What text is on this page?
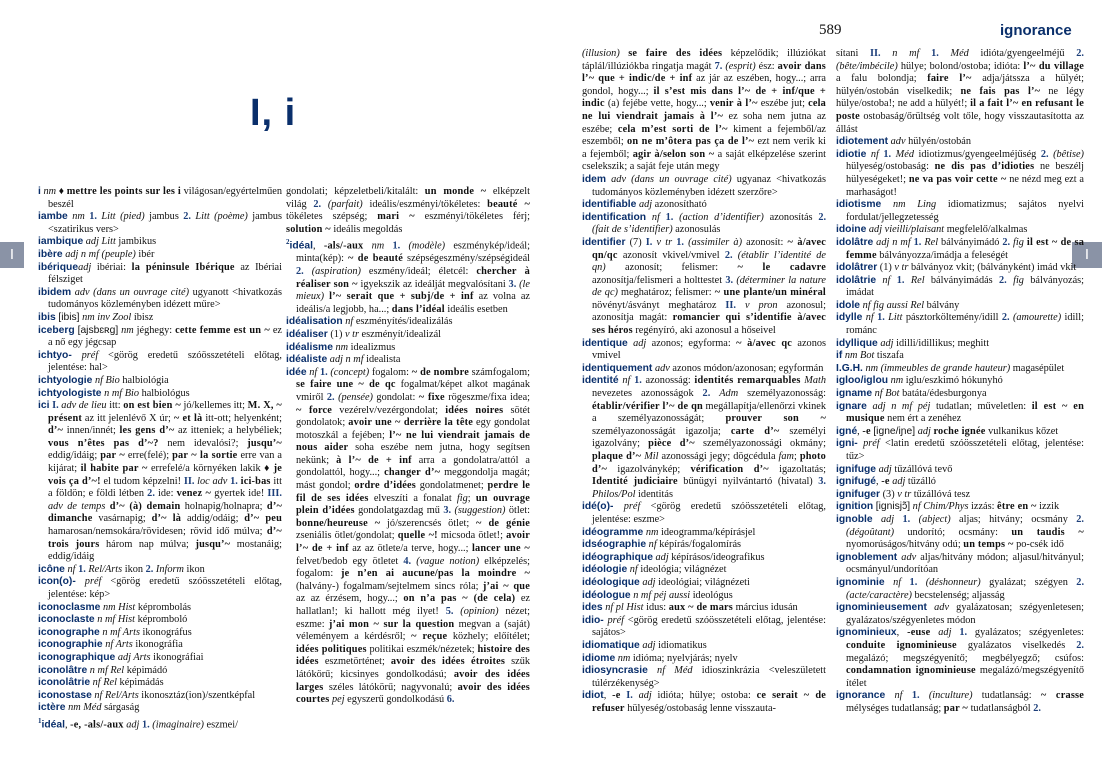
I, i
589	ignorance
I	I

i nm ♦ mettre les points sur les i világosan/egyértelműen beszél

iambe nm 1. Litt (pied) jambus 2. Litt (poème) jambus <szatirikus vers>

iambique adj Litt jambikus

ibère adj n mf (peuple) ibér

ibériqueadj ibériai: la péninsule Ibérique az Ibériai félsziget

ibidem adv (dans un ouvrage cité) ugyanott <hivatkozás tudományos közleményben idézett műre>

ibis [ibis] nm inv Zool íbisz

iceberg [ajsbɛʀg] nm jéghegy: cette femme est un ~ ez a nő egy jégcsap

ichtyo- préf <görög eredetű szóösszetételi előtag, jelentése: hal>

ichtyologie nf Bio halbiológia

ichtyologiste n mf Bio halbiológus

ici I. adv de lieu itt: on est bien ~ jó/kellemes itt; M. X, ~ présent az itt jelenlévő X úr; ~ et là itt-ott; helyenként; d’~ innen/innét; les gens d’~ az itteniek; a helybéliek; vous n’êtes pas d’~? nem idevalósi?; jusqu’~ eddig/idáig; par ~ erre(felé); par ~ la sortie erre van a kijárat; il habite par ~ errefelé/a környéken lakik ♦ je vois ça d’~! el tudom képzelni! II. loc adv 1. ici-bas itt a földön; e földi létben 2. ide: venez ~ gyertek ide! III. adv de temps d’~ (à) demain holnapig/holnapra; d’~ dimanche vasárnapig; d’~ là addig/odáig; d’~ peu hamarosan/nemsokára/rövidesen; rövid idő múlva; d’~ trois jours három nap múlva; jusqu’~ mostanáig; eddig/idáig

icône nf 1. Rel/Arts ikon 2. Inform ikon

icon(o)- préf <görög eredetű szóösszetételi előtag, jelentése: kép>

iconoclasme nm Hist képrombolás

iconoclaste n mf Hist képromboló

iconographe n mf Arts ikonográfus

iconographie nf Arts ikonográfia

iconographique adj Arts ikonográfiai

iconolâtre n mf Rel képimádó

iconolâtrie nf Rel képimádás

iconostase nf Rel/Arts ikonosztáz(ion)/szentképfal

ictère nm Méd sárgaság

$^1$idéal, -e, -als/-aux adj 1. (imaginaire) eszmei/

gondolati; képzeletbeli/kitalált: un monde ~ elképzelt világ 2. (parfait) ideális/eszményi/tökéletes: beauté ~ tökéletes szépség; mari ~ eszményi/tökéletes férj; solution ~ ideális megoldás

$^2$idéal, -als/-aux nm 1. (modèle) eszménykép/ideál; minta(kép): ~ de beauté szépségeszmény/szépségideál 2. (aspiration) eszmény/ideál; életcél: chercher à réaliser son ~ igyekszik az ideálját megvalósítani 3. (le mieux) l’~ serait que + subj/de + inf az volna az ideális/a legjobb, ha...; dans l’idéal ideális esetben

idéalisation nf eszményítés/idealizálás

idéaliser (1) v tr eszményít/idealizál

idéalisme nm idealizmus

idéaliste adj n mf idealista

idée nf 1. (concept) fogalom: ~ de nombre számfogalom; se faire une ~ de qc fogalmat/képet alkot magának vmiről 2. (pensée) gondolat: ~ fixe rögeszme/fixa idea; ~ force vezérelv/vezérgondolat; idées noires sötét gondolatok; avoir une ~ derrière la tête egy gondolat motoszkál a fejében; l’~ ne lui viendrait jamais de nous aider soha eszébe nem jutna, hogy segítsen nekünk; à l’~ de + inf arra a gondolatra/attól a gondolattól, hogy...; changer d’~ meggondolja magát; mást gondol; ordre d’idées gondolatmenet; perdre le fil de ses idées elveszíti a fonalat fig; un ouvrage plein d’idées gondolatgazdag mű 3. (suggestion) ötlet: bonne/heureuse ~ jó/szerencsés ötlet; ~ de génie zseniális ötlet/gondolat; quelle ~! micsoda ötlet!; avoir l’~ de + inf az az ötlete/a terve, hogy...; lancer une ~ felvet/bedob egy ötletet 4. (vague notion) elképzelés; fogalom: je n’en ai aucune/pas la moindre ~ (halvány-) fogalmam/sejtelmem sincs róla; j’ai ~ que az az érzésem, hogy...; on n’a pas ~ (de cela) ez hallatlan!; ki hallott még ilyet! 5. (opinion) nézet; eszme: j’ai mon ~ sur la question megvan a (saját) véleményem a kérdésről; ~ reçue közhely; előítélet; idées politiques politikai eszmék/nézetek; histoire des idées eszmetörténet; avoir des idées étroites szűk látókörű; kicsinyes gondolkodású; avoir des idées larges széles látókörű; nagyvonalú; avoir des idées courtes pej egyszerű gondolkodású 6.

(illusion) se faire des idées képzelődik; illúziókat táplál/illúziókba ringatja magát 7. (esprit) ész: avoir dans l’~ que + indic/de + inf az jár az eszében, hogy...; arra gondol, hogy...; il s’est mis dans l’~ de + inf/que + indic (a) fejébe vette, hogy...; venir à l’~ eszébe jut; cela ne lui viendrait jamais à l’~ ez soha nem jutna az eszébe; cela m’est sorti de l’~ kiment a fejemből/az eszemből; on ne m’ôtera pas ça de l’~ ezt nem verik ki a fejemből; agir à/selon son ~ a saját elképzelése szerint cselekszik; a saját feje után megy

idem adv (dans un ouvrage cité) ugyanaz <hivatkozás tudományos közleményben idézett szerzőre>

identifiable adj azonosítható

identification nf 1. (action d’identifier) azonosítás 2. (fait de s’identifier) azonosulás

identifier (7) I. v tr 1. (assimiler à) azonosít: ~ à/avec qn/qc azonosít vkivel/vmivel 2. (établir l’identité de qn) azonosít; felismer: ~ le cadavre azonosítja/felismeri a holttestet 3. (déterminer la nature de qc) meghatároz; felismer: ~ une plante/un minéral növényt/ásványt meghatároz II. v pron azonosul; azonosítja magát: romancier qui s’identifie à/avec ses héros regényíró, aki azonosul a hőseivel

identique adj azonos; egyforma: ~ à/avec qc azonos vmivel

identiquement adv azonos módon/azonosan; egyformán

identité nf 1. azonosság: identités remarquables Math nevezetes azonosságok 2. Adm személyazonosság: établir/vérifier l’~ de qn megállapítja/ellenőrzi vkinek a személyazonosságát; prouver son ~ személyazonosságát igazolja; carte d’~ személyi igazolvány; pièce d’~ személyazonossági okmány; plaque d’~ Mil azonossági jegy; dögcédula fam; photo d’~ igazolványkép; vérification d’~ igazoltatás; Identité judiciaire bűnügyi nyilvántartó (hivatal) 3. Philos/Pol identitás

idé(o)- préf <görög eredetű szóösszetételi előtag, jelentése: eszme>

idéogramme nm ideogramma/képírásjel

idséographie nf képírás/fogalomírás

idéographique adj képírásos/ideografikus

idéologie nf ideológia; világnézet

idéologique adj ideológiai; világnézeti

idéologue n mf péj aussi ideológus

ides nf pl Hist idus: aux ~ de mars március idusán

idio- préf <görög eredetű szóösszetételi előtag, jelentése: sajátos>

idiomatique adj idiomatikus

idiome nm idióma; nyelvjárás; nyelv

idiosyncrasie nf Méd idioszinkrázia <veleszületett túlérzékenység>

idiot, -e I. adj idióta; hülye; ostoba: ce serait ~ de refuser hülyeség/ostobaság lenne visszauta-

sítani II. n mf 1. Méd idióta/gyengeelméjű 2. (bête/imbécile) hülye; bolond/ostoba; idióta: l’~ du village a falu bolondja; faire l’~ adja/játssza a hülyét; hülyén/ostobán viselkedik; ne fais pas l’~ ne légy hülye/ostoba!; ne add a hülyét!; il a fait l’~ en refusant le poste ostobaság/őrültség volt tőle, hogy visszautasította az állást

idiotement adv hülyén/ostobán

idiotie nf 1. Méd idiotizmus/gyengeelméjűség 2. (bêtise) hülyeség/ostobaság: ne dis pas d’idioties ne beszélj hülyeségeket!; ne va pas voir cette ~ ne nézd meg ezt a marhaságot!

idiotisme nm Ling idiomatizmus; sajátos nyelvi fordulat/jellegzetesség

idoine adj vieilli/plaisant megfelelő/alkalmas

idolâtre adj n mf 1. Rel bálványimádó 2. fig il est ~ de sa femme bálványozza/imádja a feleségét

idolâtrer (1) v tr bálványoz vkit; (bálványként) imád vkit

idolâtrie nf 1. Rel bálványimádás 2. fig bálványozás; imádat

idole nf fig aussi Rel bálvány

idylle nf 1. Litt pásztorköltemény/idill 2. (amourette) idill; románc

idyllique adj idilli/idillikus; meghitt

if nm Bot tiszafa

I.G.H. nm (immeubles de grande hauteur) magasépület

igloo/iglou nm iglu/eszkimó hókunyhó

igname nf Bot batáta/édesburgonya

ignare adj n mf péj tudatlan; műveletlen: il est ~ en musique nem ért a zenéhez

igné, -e [igne/iɲe] adj roche ignée vulkanikus kőzet

igni- préf <latin eredetű szóösszetételi előtag, jelentése: tűz>

ignifuge adj tűzállóvá tevő

ignifugé, -e adj tűzálló

ignifuger (3) v tr tűzállóvá tesz

ignition [ignisjɔ̃] nf Chim/Phys izzás: être en ~ izzik

ignoble adj 1. (abject) aljas; hitvány; ocsmány 2. (dégoûtant) undorító; ocsmány: un taudis ~ nyomorúságos/hitvány odú; un temps ~ po-csék idő

ignoblement adv aljas/hitvány módon; aljasul/hitványul; ocsmányul/undorítóan

ignominie nf 1. (déshonneur) gyalázat; szégyen 2. (acte/caractère) becstelenség; aljasság

ignominieusement adv gyalázatosan; szégyenletesen; gyalázatos/szégyenletes módon

ignominieux, -euse adj 1. gyalázatos; szégyenletes: conduite ignominieuse gyalázatos viselkedés 2. megalázó; megszégyenítő; megbélyegző; csúfos: condamnation ignominieuse megalázó/megszégyenítő ítélet

ignorance nf 1. (inculture) tudatlanság: ~ crasse mélységes tudatlanság; par ~ tudatlanságból 2.
